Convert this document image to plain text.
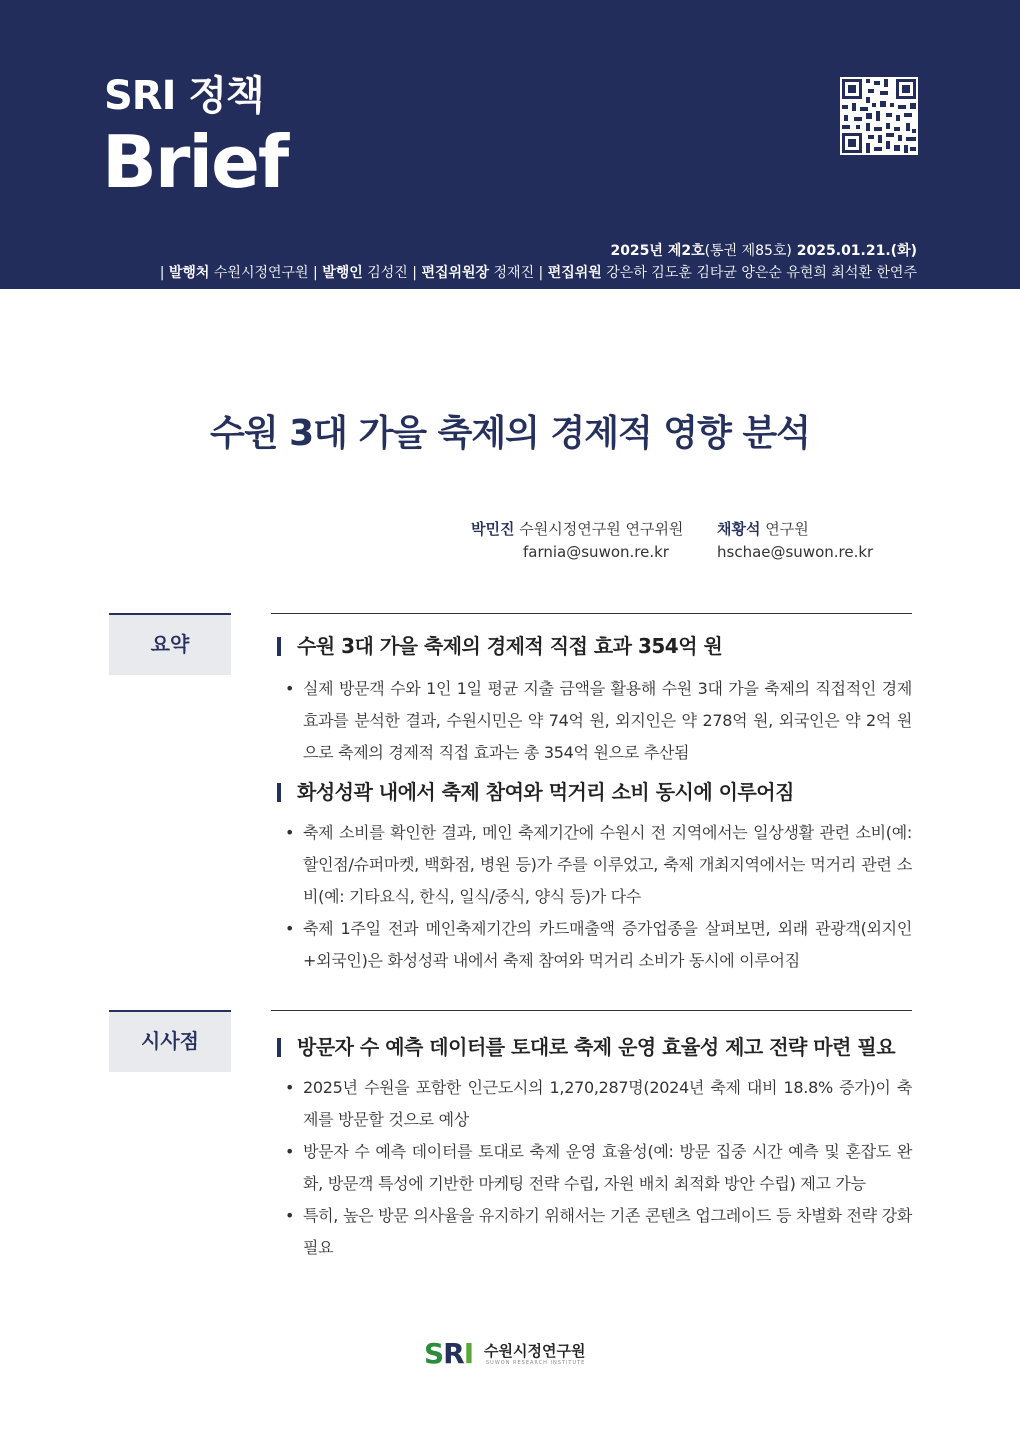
SRI 정책
Brief
2025년 제2호(통권 제85호) 2025.01.21.(화)
| 발행처 수원시정연구원 | 발행인 김성진 | 편집위원장 정재진 | 편집위원 강은하 김도훈 김타균 양은순 유현희 최석환 한연주
수원 3대 가을 축제의 경제적 영향 분석
박민진 수원시정연구원 연구위원
farnia@suwon.re.kr
채황석 연구원
hschae@suwon.re.kr
요약	수원 3대 가을 축제의 경제적 직접 효과 354억 원
• 실제 방문객 수와 1인 1일 평균 지출 금액을 활용해 수원 3대 가을 축제의 직접적인 경제효과를 분석한 결과, 수원시민은 약 74억 원, 외지인은 약 278억 원, 외국인은 약 2억 원으로 축제의 경제적 직접 효과는 총 354억 원으로 추산됨
화성성곽 내에서 축제 참여와 먹거리 소비 동시에 이루어짐
• 축제 소비를 확인한 결과, 메인 축제기간에 수원시 전 지역에서는 일상생활 관련 소비(예: 할인점/슈퍼마켓, 백화점, 병원 등)가 주를 이루었고, 축제 개최지역에서는 먹거리 관련 소비(예: 기타요식, 한식, 일식/중식, 양식 등)가 다수
• 축제 1주일 전과 메인축제기간의 카드매출액 증가업종을 살펴보면, 외래 관광객(외지인+외국인)은 화성성곽 내에서 축제 참여와 먹거리 소비가 동시에 이루어짐
시사점	방문자 수 예측 데이터를 토대로 축제 운영 효율성 제고 전략 마련 필요
• 2025년 수원을 포함한 인근도시의 1,270,287명(2024년 축제 대비 18.8% 증가)이 축제를 방문할 것으로 예상
• 방문자 수 예측 데이터를 토대로 축제 운영 효율성(예: 방문 집중 시간 예측 및 혼잡도 완화, 방문객 특성에 기반한 마케팅 전략 수립, 자원 배치 최적화 방안 수립) 제고 가능
• 특히, 높은 방문 의사율을 유지하기 위해서는 기존 콘텐츠 업그레이드 등 차별화 전략 강화 필요
SRI 수원시정연구원
SUWON RESEARCH INSTITUTE
